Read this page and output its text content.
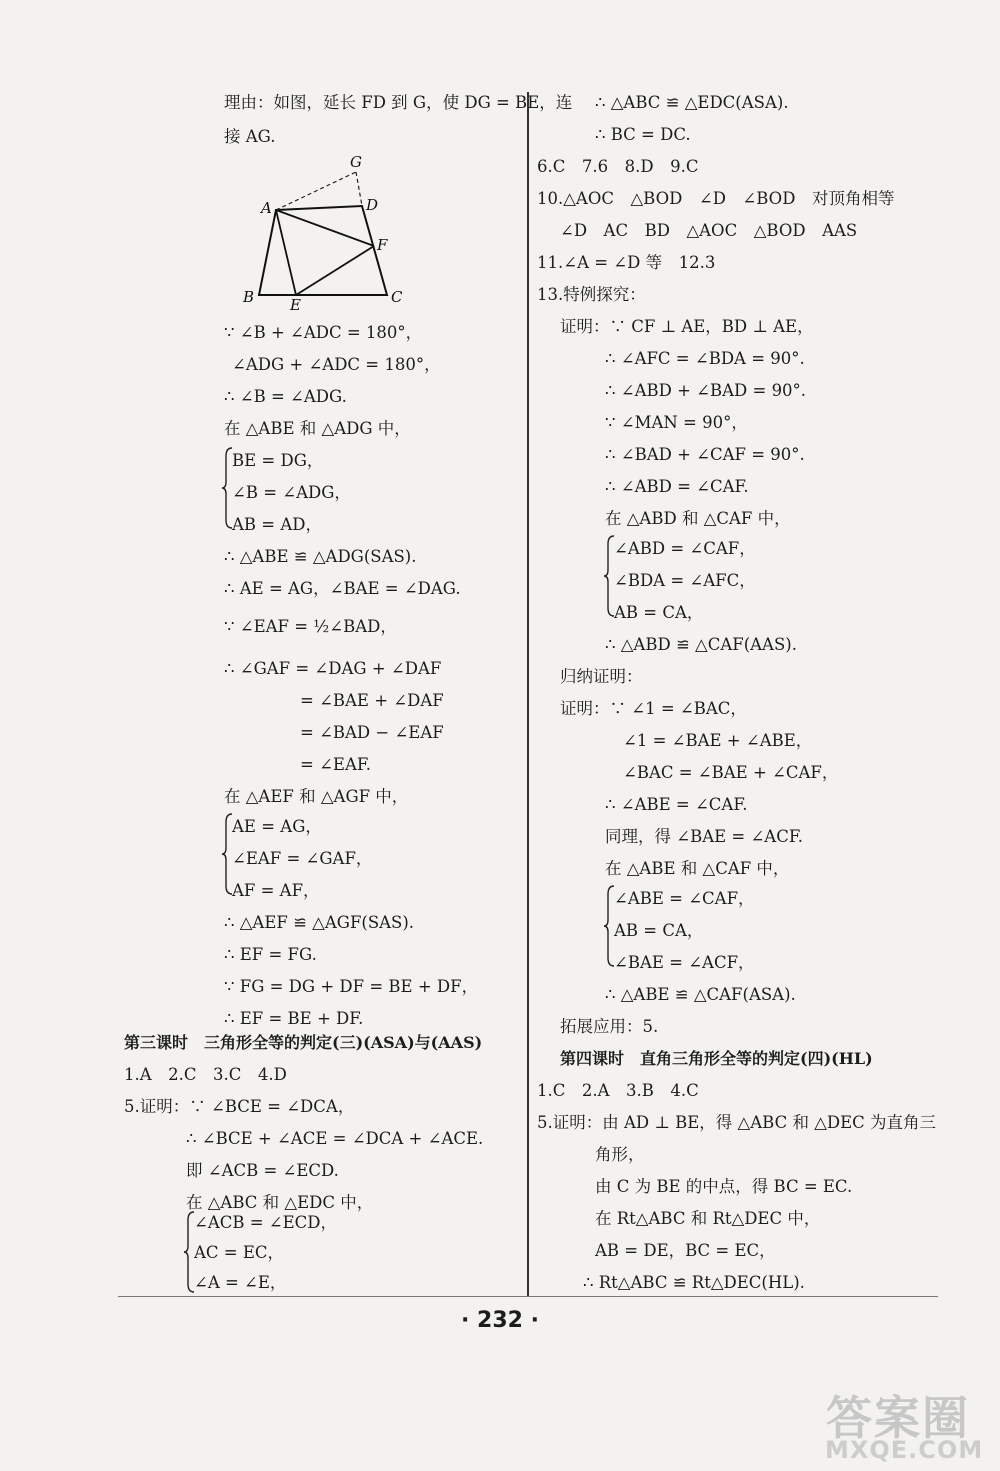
G
A	D
F
B E	C
理由：如图，延长 FD 到 G，使 DG = BE，连
接 AG.
∵ ∠B + ∠ADC = 180°，
∠ADG + ∠ADC = 180°，
∴ ∠B = ∠ADG.
在 △ABE 和 △ADG 中，
BE = DG，
∠B = ∠ADG，
AB = AD，
∴ △ABE ≌ △ADG(SAS).
∴ AE = AG，∠BAE = ∠DAG.
∵ ∠EAF = ½∠BAD，
∴ ∠GAF = ∠DAG + ∠DAF
= ∠BAE + ∠DAF
= ∠BAD − ∠EAF
= ∠EAF.
在 △AEF 和 △AGF 中，
AE = AG，
∠EAF = ∠GAF，
AF = AF，
∴ △AEF ≌ △AGF(SAS).
∴ EF = FG.
∵ FG = DG + DF = BE + DF，
∴ EF = BE + DF.
第三课时　三角形全等的判定(三)(ASA)与(AAS)
1.A　2.C　3.C　4.D
5.证明：∵ ∠BCE = ∠DCA，
∴ ∠BCE + ∠ACE = ∠DCA + ∠ACE.
即 ∠ACB = ∠ECD.
在 △ABC 和 △EDC 中，
∠ACB = ∠ECD，
AC = EC，
∠A = ∠E，
∴ △ABC ≌ △EDC(ASA).
∴ BC = DC.
6.C　7.6　8.D　9.C
10.△AOC　△BOD　∠D　∠BOD　对顶角相等
∠D　AC　BD　△AOC　△BOD　AAS
11.∠A = ∠D 等　12.3
13.特例探究：
证明：∵ CF ⊥ AE，BD ⊥ AE，
∴ ∠AFC = ∠BDA = 90°.
∴ ∠ABD + ∠BAD = 90°.
∵ ∠MAN = 90°，
∴ ∠BAD + ∠CAF = 90°.
∴ ∠ABD = ∠CAF.
在 △ABD 和 △CAF 中，
∠ABD = ∠CAF，
∠BDA = ∠AFC，
AB = CA，
∴ △ABD ≌ △CAF(AAS).
归纳证明：
证明：∵ ∠1 = ∠BAC，
∠1 = ∠BAE + ∠ABE，
∠BAC = ∠BAE + ∠CAF，
∴ ∠ABE = ∠CAF.
同理，得 ∠BAE = ∠ACF.
在 △ABE 和 △CAF 中，
∠ABE = ∠CAF，
AB = CA，
∠BAE = ∠ACF，
∴ △ABE ≌ △CAF(ASA).
拓展应用：5.
第四课时　直角三角形全等的判定(四)(HL)
1.C　2.A　3.B　4.C
5.证明：由 AD ⊥ BE，得 △ABC 和 △DEC 为直角三
角形，
由 C 为 BE 的中点，得 BC = EC.
在 Rt△ABC 和 Rt△DEC 中，
AB = DE，BC = EC，
∴ Rt△ABC ≌ Rt△DEC(HL).
· 232 ·
答案圈
MXQE.COM
